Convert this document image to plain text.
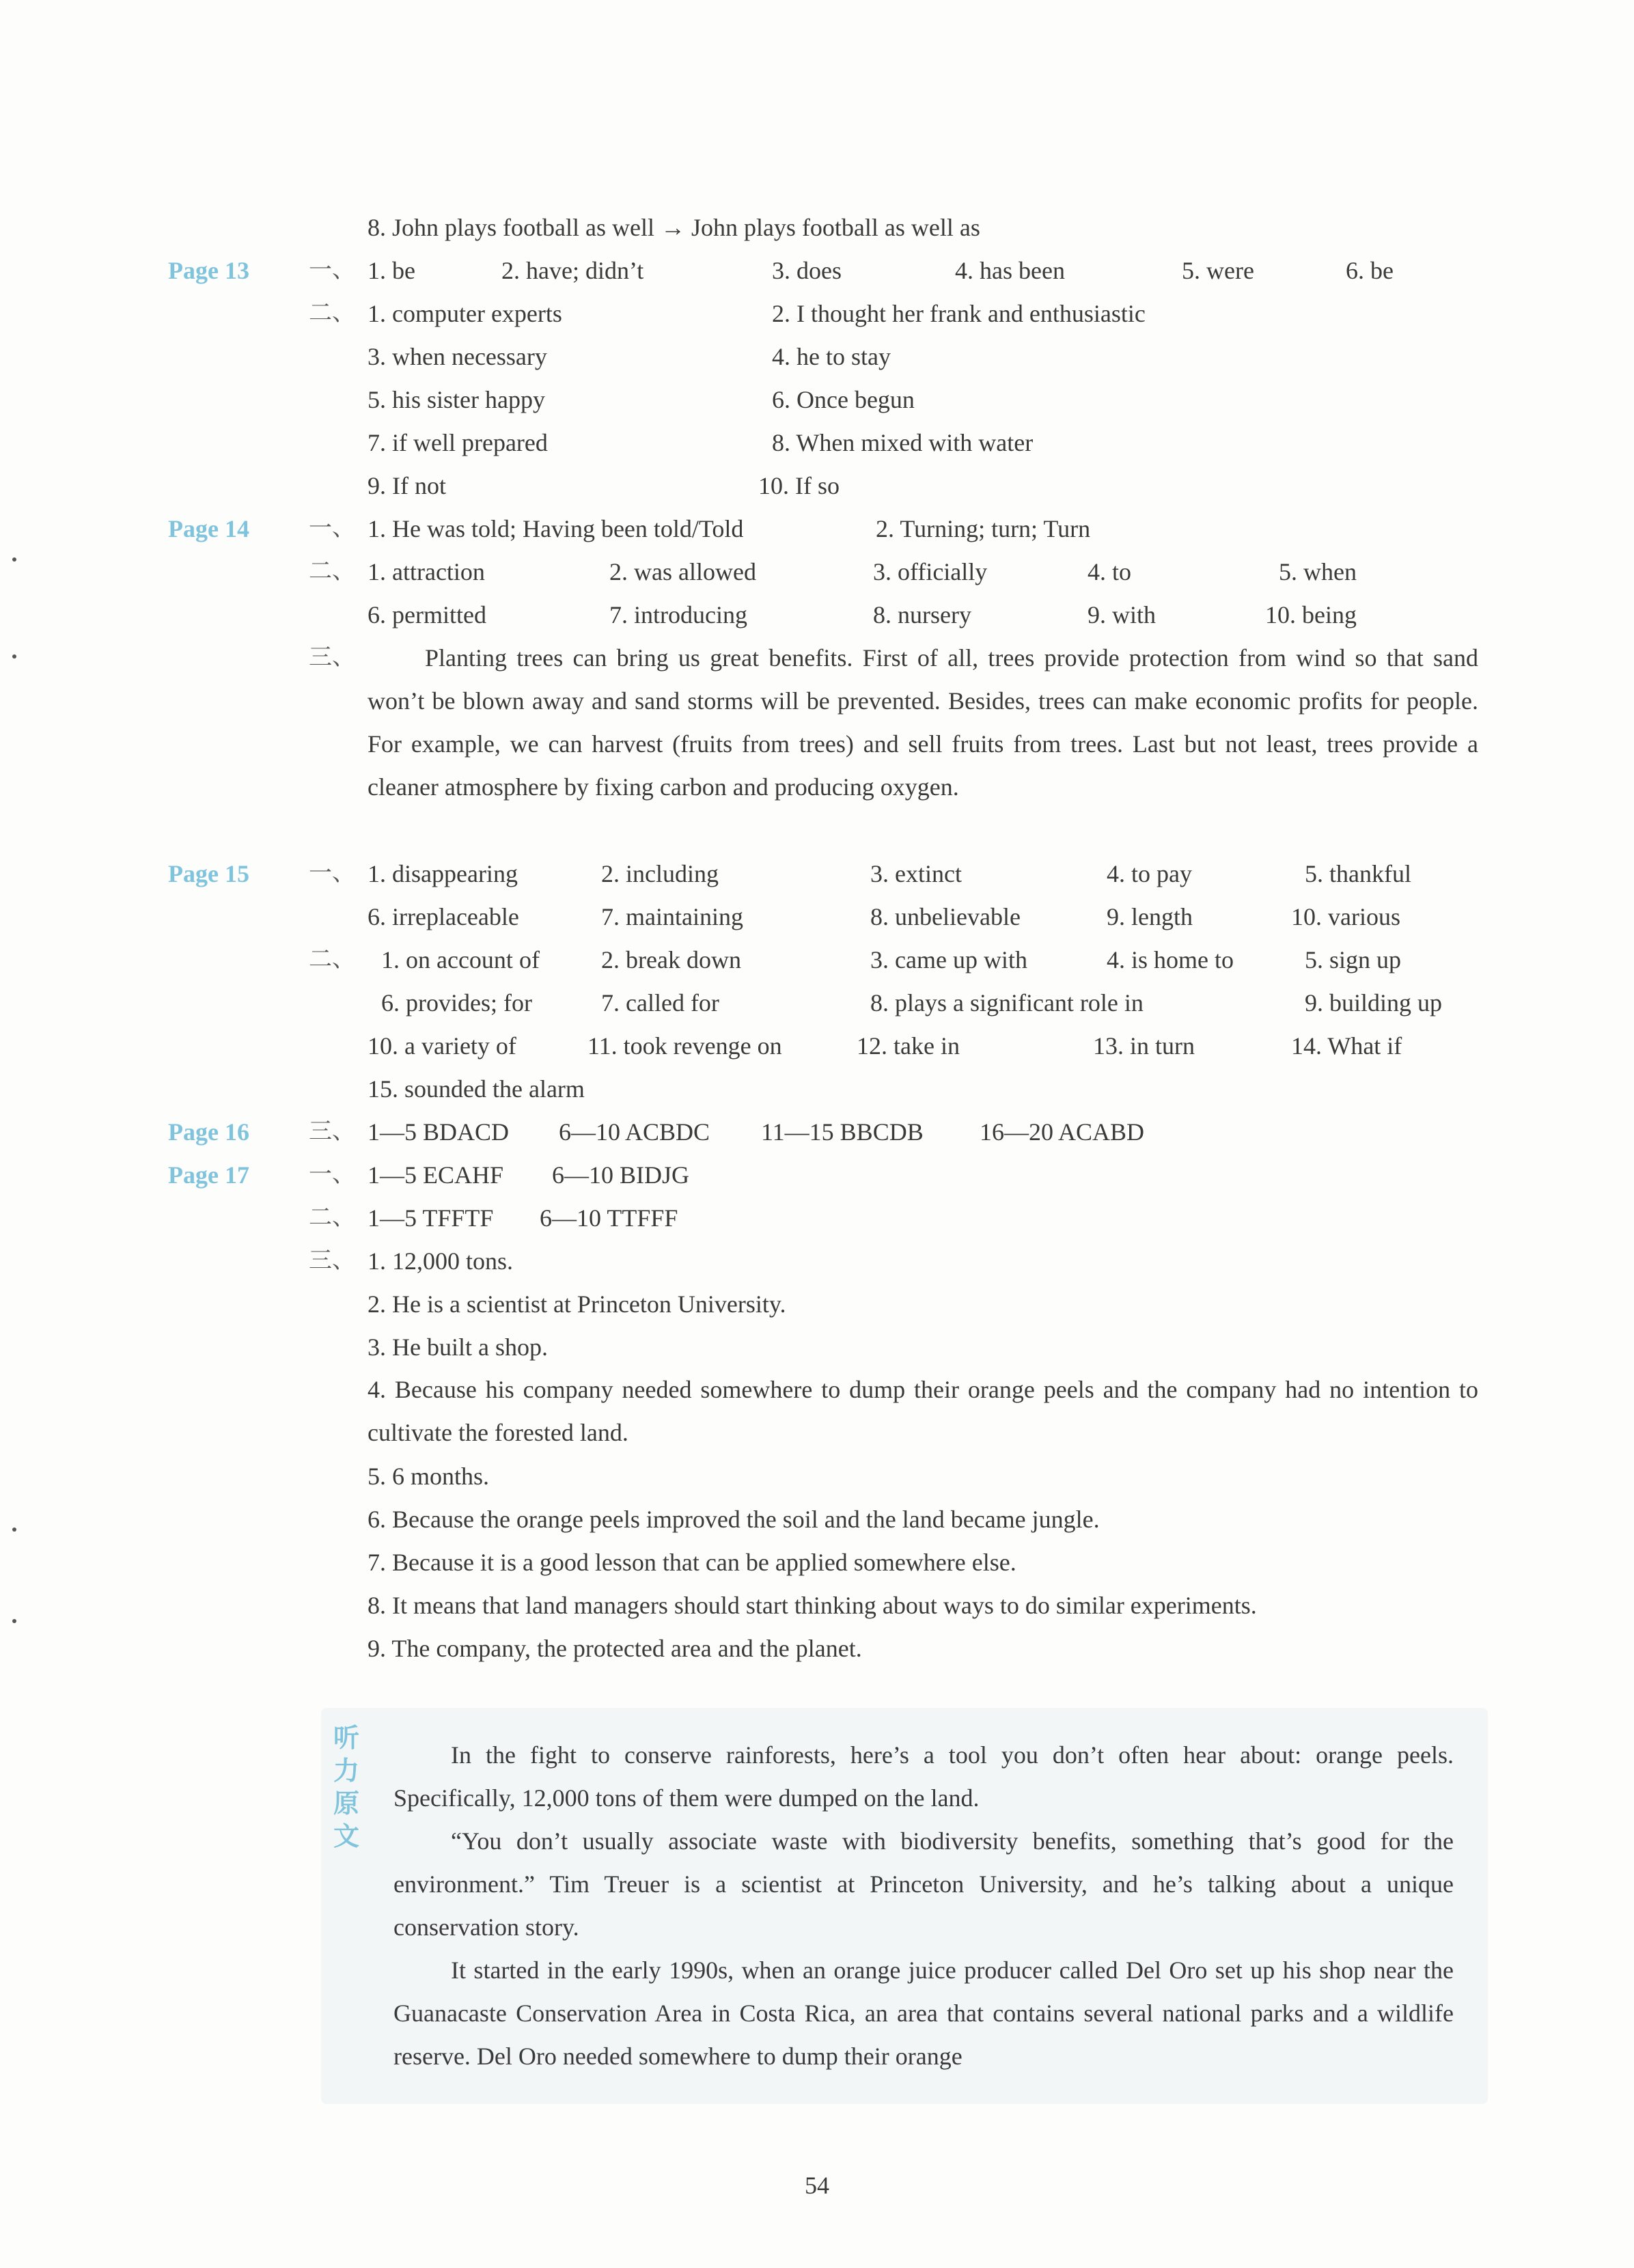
8. John plays football as well → John plays football as well as
Page 13	一、 1. be	2. have; didn’t	3. does	4. has been	5. were	6. be
二、 1. computer experts	2. I thought her frank and enthusiastic
3. when necessary	4. he to stay
5. his sister happy	6. Once begun
7. if well prepared	8. When mixed with water
9. If not	10. If so
Page 14	一、 1. He was told; Having been told/Told	2. Turning; turn; Turn
二、 1. attraction	2. was allowed	3. officially	4. to	5. when
6. permitted	7. introducing	8. nursery	9. with	10. being
Page 15	一、 1. disappearing	2. including	3. extinct	4. to pay	5. thankful
6. irreplaceable	7. maintaining	8. unbelievable	9. length	10. various
二、 1. on account of	2. break down	3. came up with	4. is home to	5. sign up
6. provides; for	7. called for	8. plays a significant role in	9. building up
10. a variety of	11. took revenge on	12. take in	13. in turn	14. What if
15. sounded the alarm
Page 16	三、 1—5 BDACD 6—10 ACBDC 11—15 BBCDB 16—20 ACABD
Page 17	一、 1—5 ECAHF 6—10 BIDJG
二、 1—5 TFFTF 6—10 TTFFF
三、 1. 12,000 tons.
2. He is a scientist at Princeton University.
3. He built a shop.
5. 6 months.
6. Because the orange peels improved the soil and the land became jungle.
7. Because it is a good lesson that can be applied somewhere else.
8. It means that land managers should start thinking about ways to do similar experiments.
9. The company, the protected area and the planet.
三、	Planting trees can bring us great benefits. First of all, trees provide protection from wind so that sand won’t be blown away and sand storms will be prevented. Besides, trees can make economic profits for people. For example, we can harvest (fruits from trees) and sell fruits from trees. Last but not least, trees provide a cleaner atmosphere by fixing carbon and producing oxygen.
4. Because his company needed somewhere to dump their orange peels and the company had no intention to cultivate the forested land.
听力原文

In the fight to conserve rainforests, here’s a tool you don’t often hear about: orange peels. Specifically, 12,000 tons of them were dumped on the land.

“You don’t usually associate waste with biodiversity benefits, something that’s good for the environment.” Tim Treuer is a scientist at Princeton University, and he’s talking about a unique conservation story.

It started in the early 1990s, when an orange juice producer called Del Oro set up his shop near the Guanacaste Conservation Area in Costa Rica, an area that contains several national parks and a wildlife reserve. Del Oro needed somewhere to dump their orange

54
